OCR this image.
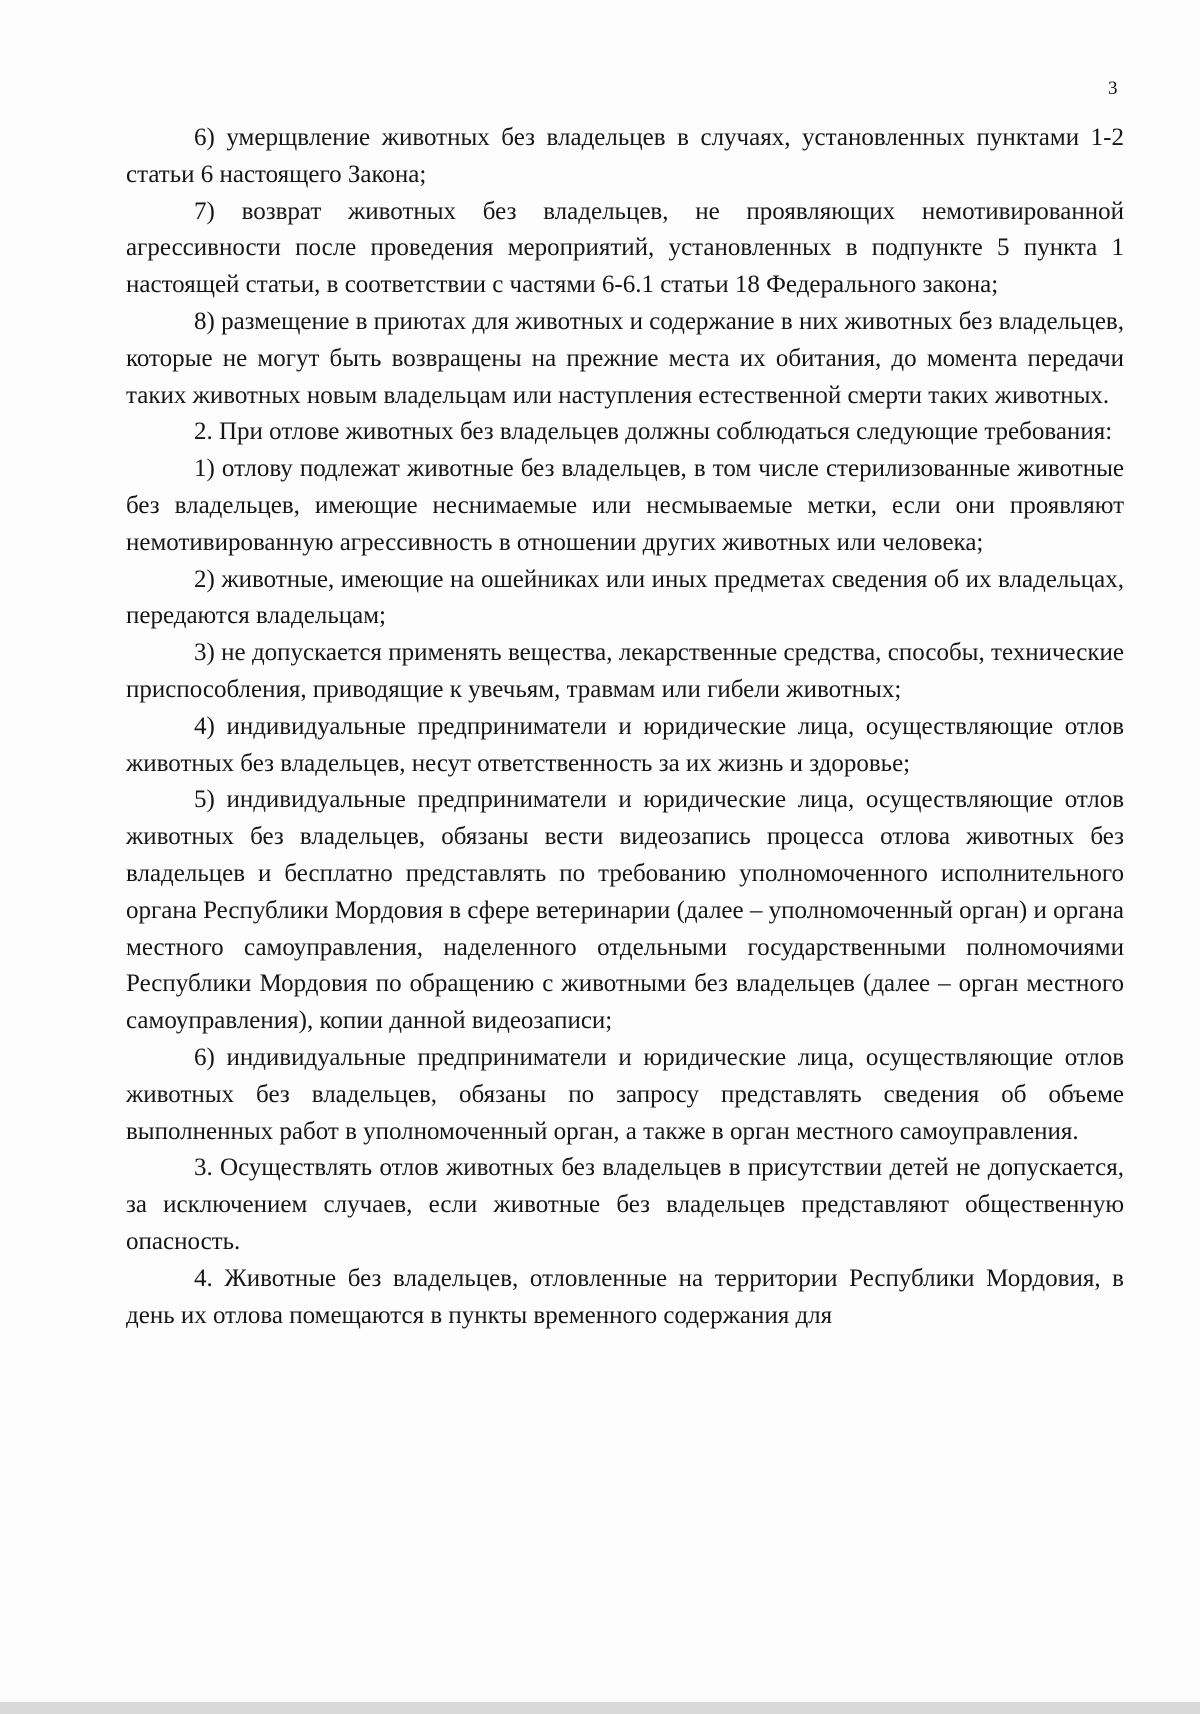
3

6) умерщвление животных без владельцев в случаях, установленных пунктами 1-2 статьи 6 настоящего Закона;

7) возврат животных без владельцев, не проявляющих немотивированной агрессивности после проведения мероприятий, установленных в подпункте 5 пункта 1 настоящей статьи, в соответствии с частями 6-6.1 статьи 18 Федерального закона;

8) размещение в приютах для животных и содержание в них животных без владельцев, которые не могут быть возвращены на прежние места их обитания, до момента передачи таких животных новым владельцам или наступления естественной смерти таких животных.

2. При отлове животных без владельцев должны соблюдаться следующие требования:

1) отлову подлежат животные без владельцев, в том числе стерилизованные животные без владельцев, имеющие неснимаемые или несмываемые метки, если они проявляют немотивированную агрессивность в отношении других животных или человека;

2) животные, имеющие на ошейниках или иных предметах сведения об их владельцах, передаются владельцам;

3) не допускается применять вещества, лекарственные средства, способы, технические приспособления, приводящие к увечьям, травмам или гибели животных;

4) индивидуальные предприниматели и юридические лица, осуществляющие отлов животных без владельцев, несут ответственность за их жизнь и здоровье;

5) индивидуальные предприниматели и юридические лица, осуществляющие отлов животных без владельцев, обязаны вести видеозапись процесса отлова животных без владельцев и бесплатно представлять по требованию уполномоченного исполнительного органа Республики Мордовия в сфере ветеринарии (далее – уполномоченный орган) и органа местного самоуправления, наделенного отдельными государственными полномочиями Республики Мордовия по обращению с животными без владельцев (далее – орган местного самоуправления), копии данной видеозаписи;

6) индивидуальные предприниматели и юридические лица, осуществляющие отлов животных без владельцев, обязаны по запросу представлять сведения об объеме выполненных работ в уполномоченный орган, а также в орган местного самоуправления.

3. Осуществлять отлов животных без владельцев в присутствии детей не допускается, за исключением случаев, если животные без владельцев представляют общественную опасность.

4. Животные без владельцев, отловленные на территории Республики Мордовия, в день их отлова помещаются в пункты временного содержания для
